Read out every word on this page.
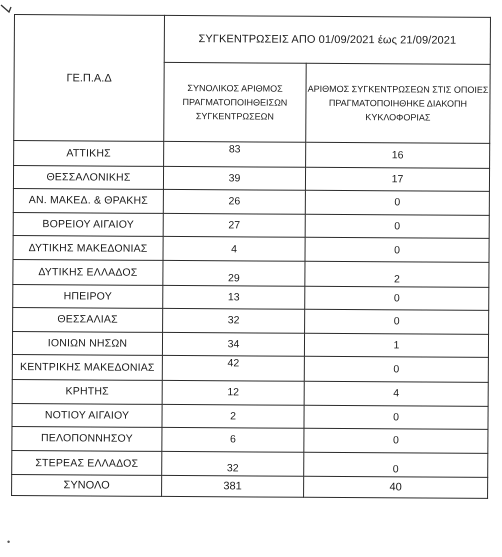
•
ΓΕ.Π.Α.Δ	ΣΥΓΚΕΝΤΡΩΣΕΙΣ ΑΠΟ 01/09/2021 έως 21/09/2021	
	ΣΥΝΟΛΙΚΟΣ ΑΡΙΘΜΟΣ ΠΡΑΓΜΑΤΟΠΟΙΗΘΕΙΣΩΝ ΣΥΓΚΕΝΤΡΩΣΕΩΝ	ΑΡΙΘΜΟΣ ΣΥΓΚΕΝΤΡΩΣΕΩΝ ΣΤΙΣ ΟΠΟΙΕΣ ΠΡΑΓΜΑΤΟΠΟΙΗΘΗΚΕ ΔΙΑΚΟΠΗ ΚΥΚΛΟΦΟΡΙΑΣ
ΑΤΤΙΚΗΣ	83	16
ΘΕΣΣΑΛΟΝΙΚΗΣ	39	17
ΑΝ. ΜΑΚΕΔ. & ΘΡΑΚΗΣ	26	0
ΒΟΡΕΙΟΥ ΑΙΓΑΙΟΥ	27	0
ΔΥΤΙΚΗΣ ΜΑΚΕΔΟΝΙΑΣ	4	0
ΔΥΤΙΚΗΣ ΕΛΛΑΔΟΣ	29	2
ΗΠΕΙΡΟΥ	13	0
ΘΕΣΣΑΛΙΑΣ	32	0
ΙΟΝΙΩΝ ΝΗΣΩΝ	34	1
ΚΕΝΤΡΙΚΗΣ ΜΑΚΕΔΟΝΙΑΣ	42	0
ΚΡΗΤΗΣ	12	4
ΝΟΤΙΟΥ ΑΙΓΑΙΟΥ	2	0
ΠΕΛΟΠΟΝΝΗΣΟΥ	6	0
ΣΤΕΡΕΑΣ ΕΛΛΑΔΟΣ	32	0
ΣΥΝΟΛΟ	381	40
